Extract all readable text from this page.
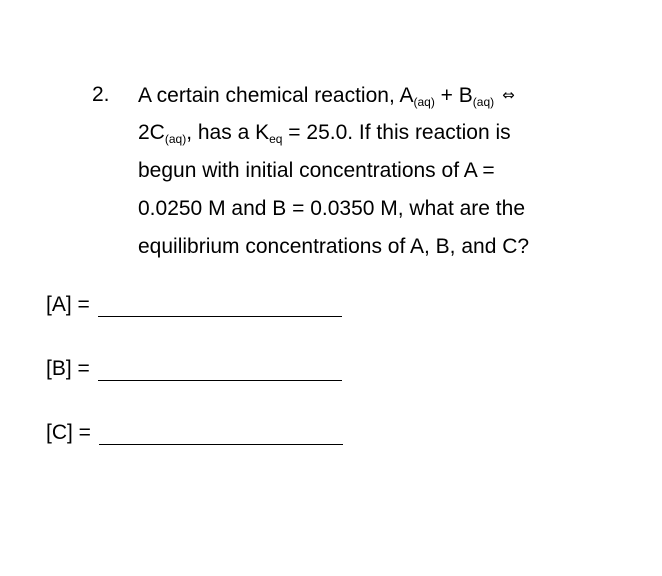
2. A certain chemical reaction, $A_{(aq)} + B_{(aq)}$ ⇔
$2C_{(aq)}$, has a $K_{eq} = 25.0$. If this reaction is
begun with initial concentrations of A =
0.0250 M and B = 0.0350 M, what are the
equilibrium concentrations of A, B, and C?
[A] =
[B] =
[C] =
